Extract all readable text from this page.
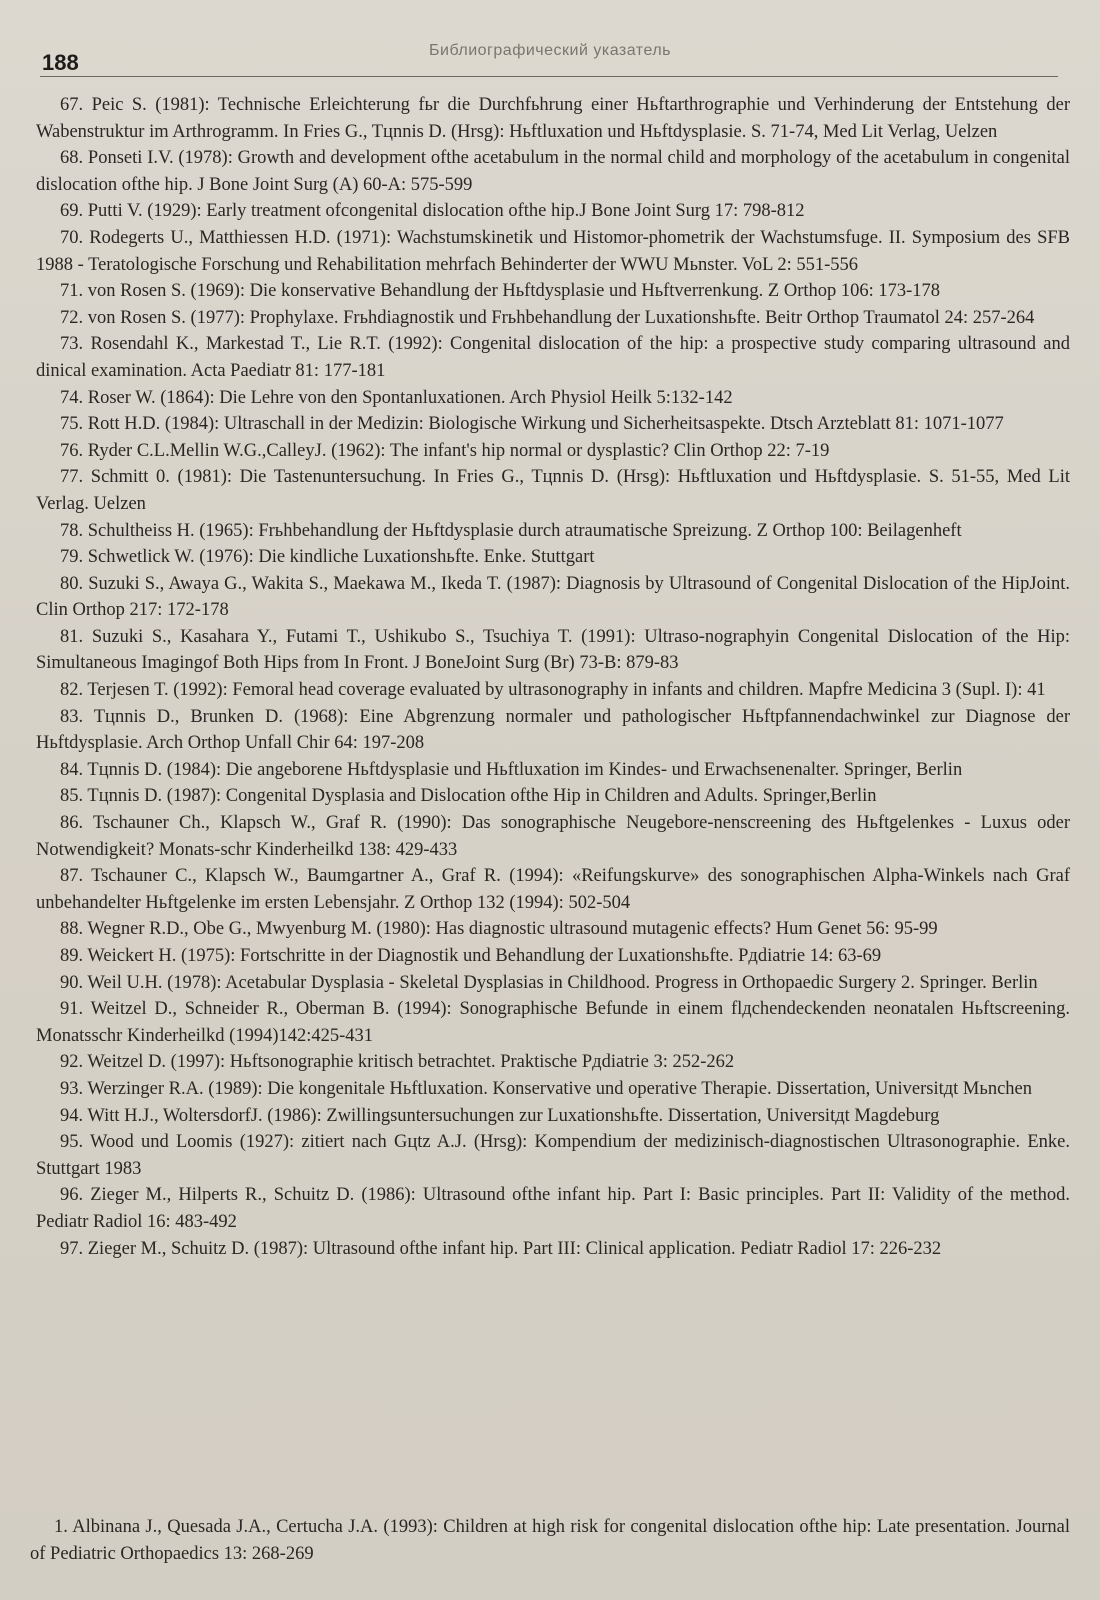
188	Библиографический указатель

67. Peic S. (1981): Technische Erleichterung fьr die Durchfьhrung einer Hьftarthrographie und Verhinderung der Entstehung der Wabenstruktur im Arthrogramm. In Fries G., Tцnnis D. (Hrsg): Hьftluxation und Hьftdysplasie. S. 71-74, Med Lit Verlag, Uelzen

68. Ponseti I.V. (1978): Growth and development ofthe acetabulum in the normal child and morphology of the acetabulum in congenital dislocation ofthe hip. J Bone Joint Surg (A) 60-A: 575-599

69. Putti V. (1929): Early treatment ofcongenital dislocation ofthe hip.J Bone Joint Surg 17: 798-812

70. Rodegerts U., Matthiessen H.D. (1971): Wachstumskinetik und Histomor-phometrik der Wachstumsfuge. II. Symposium des SFB 1988 - Teratologische Forschung und Rehabilitation mehrfach Behinderter der WWU Mьnster. VoL 2: 551-556

71. von Rosen S. (1969): Die konservative Behandlung der Hьftdysplasie und Hьftverrenkung. Z Orthop 106: 173-178

72. von Rosen S. (1977): Prophylaxe. Frьhdiagnostik und Frьhbehandlung der Luxationshьfte. Beitr Orthop Traumatol 24: 257-264

73. Rosendahl K., Markestad T., Lie R.T. (1992): Congenital dislocation of the hip: a prospective study comparing ultrasound and dinical examination. Acta Paediatr 81: 177-181

74. Roser W. (1864): Die Lehre von den Spontanluxationen. Arch Physiol Heilk 5:132-142

75. Rott H.D. (1984): Ultraschall in der Medizin: Biologische Wirkung und Sicherheitsaspekte. Dtsch Arzteblatt 81: 1071-1077

76. Ryder C.L.Mellin W.G.,CalleyJ. (1962): The infant's hip normal or dysplastic? Clin Orthop 22: 7-19

77. Schmitt 0. (1981): Die Tastenuntersuchung. In Fries G., Tцnnis D. (Hrsg): Hьftluxation und Hьftdysplasie. S. 51-55, Med Lit Verlag. Uelzen

78. Schultheiss H. (1965): Frьhbehandlung der Hьftdysplasie durch atraumatische Spreizung. Z Orthop 100: Beilagenheft

79. Schwetlick W. (1976): Die kindliche Luxationshьfte. Enke. Stuttgart

80. Suzuki S., Awaya G., Wakita S., Maekawa M., Ikeda T. (1987): Diagnosis by Ultrasound of Congenital Dislocation of the HipJoint. Clin Orthop 217: 172-178

81. Suzuki S., Kasahara Y., Futami T., Ushikubo S., Tsuchiya T. (1991): Ultraso-nographyin Congenital Dislocation of the Hip: Simultaneous Imagingof Both Hips from In Front. J BoneJoint Surg (Br) 73-B: 879-83

82. Terjesen T. (1992): Femoral head coverage evaluated by ultrasonography in infants and children. Mapfre Medicina 3 (Supl. I): 41

83. Tцnnis D., Brunken D. (1968): Eine Abgrenzung normaler und pathologischer Hьftpfannendachwinkel zur Diagnose der Hьftdysplasie. Arch Orthop Unfall Chir 64: 197-208

84. Tцnnis D. (1984): Die angeborene Hьftdysplasie und Hьftluxation im Kindes- und Erwachsenenalter. Springer, Berlin

85. Tцnnis D. (1987): Congenital Dysplasia and Dislocation ofthe Hip in Children and Adults. Springer,Berlin

86. Tschauner Ch., Klapsch W., Graf R. (1990): Das sonographische Neugebore-nenscreening des Hьftgelenkes - Luxus oder Notwendigkeit? Monats-schr Kinderheilkd 138: 429-433

87. Tschauner C., Klapsch W., Baumgartner A., Graf R. (1994): «Reifungskurve» des sonographischen Alpha-Winkels nach Graf unbehandelter Hьftgelenke im ersten Lebensjahr. Z Orthop 132 (1994): 502-504

88. Wegner R.D., Obe G., Mwyenburg M. (1980): Has diagnostic ultrasound mutagenic effects? Hum Genet 56: 95-99

89. Weickert H. (1975): Fortschritte in der Diagnostik und Behandlung der Luxationshьfte. Pдdiatrie 14: 63-69

90. Weil U.H. (1978): Acetabular Dysplasia - Skeletal Dysplasias in Childhood. Progress in Orthopaedic Surgery 2. Springer. Berlin

91. Weitzel D., Schneider R., Oberman B. (1994): Sonographische Befunde in einem flдchendeckenden neonatalen Hьftscreening. Monatsschr Kinderheilkd (1994)142:425-431

92. Weitzel D. (1997): Hьftsonographie kritisch betrachtet. Praktische Pдdiatrie 3: 252-262

93. Werzinger R.A. (1989): Die kongenitale Hьftluxation. Konservative und operative Therapie. Dissertation, Universitдt Mьnchen

94. Witt H.J., WoltersdorfJ. (1986): Zwillingsuntersuchungen zur Luxationshьfte. Dissertation, Universitдt Magdeburg

95. Wood und Loomis (1927): zitiert nach Gцtz A.J. (Hrsg): Kompendium der medizinisch-diagnostischen Ultrasonographie. Enke. Stuttgart 1983

96. Zieger M., Hilperts R., Schuitz D. (1986): Ultrasound ofthe infant hip. Part I: Basic principles. Part II: Validity of the method. Pediatr Radiol 16: 483-492

97. Zieger M., Schuitz D. (1987): Ultrasound ofthe infant hip. Part III: Clinical application. Pediatr Radiol 17: 226-232

1. Albinana J., Quesada J.A., Certucha J.A. (1993): Children at high risk for congenital dislocation ofthe hip: Late presentation. Journal of Pediatric Orthopaedics 13: 268-269
